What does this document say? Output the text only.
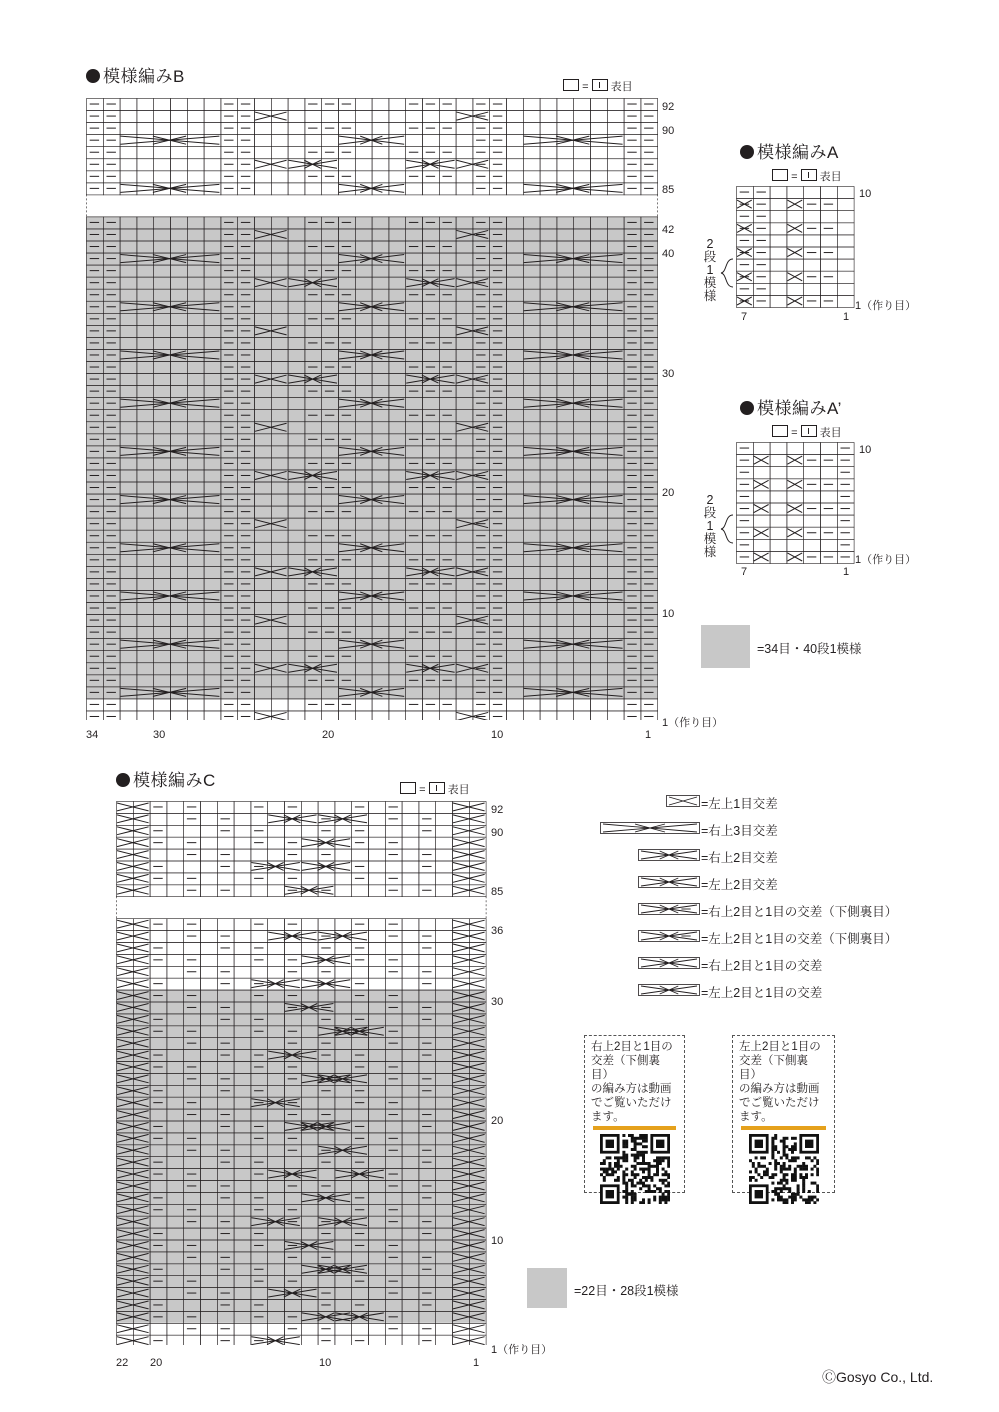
模様編みB
= 表目
92
90
85
42
40
30
20
10
1（作り目）
34	30	20	10	1
模様編みA
= 表目
10
1（作り目）
7	1
2
段
1
模
様
模様編みA’
= 表目
10
1（作り目）
7	1
2
段
1
模
様
=34目・40段1模様
模様編みC	= 表目
92
90
85
36
30
20
10
1（作り目）
22 20	10	1
=22目・28段1模様
=左上1目交差
=右上3目交差
=右上2目交差
=左上2目交差
=右上2目と1目の交差（下側裏目）
=左上2目と1目の交差（下側裏目）
=右上2目と1目の交差
=左上2目と1目の交差
右上2目と1目の
交差（下側裏目）
の編み方は動画
でご覧いただけ
ます。
左上2目と1目の
交差（下側裏目）
の編み方は動画
でご覧いただけ
ます。
ⒸGosyo Co., Ltd.
